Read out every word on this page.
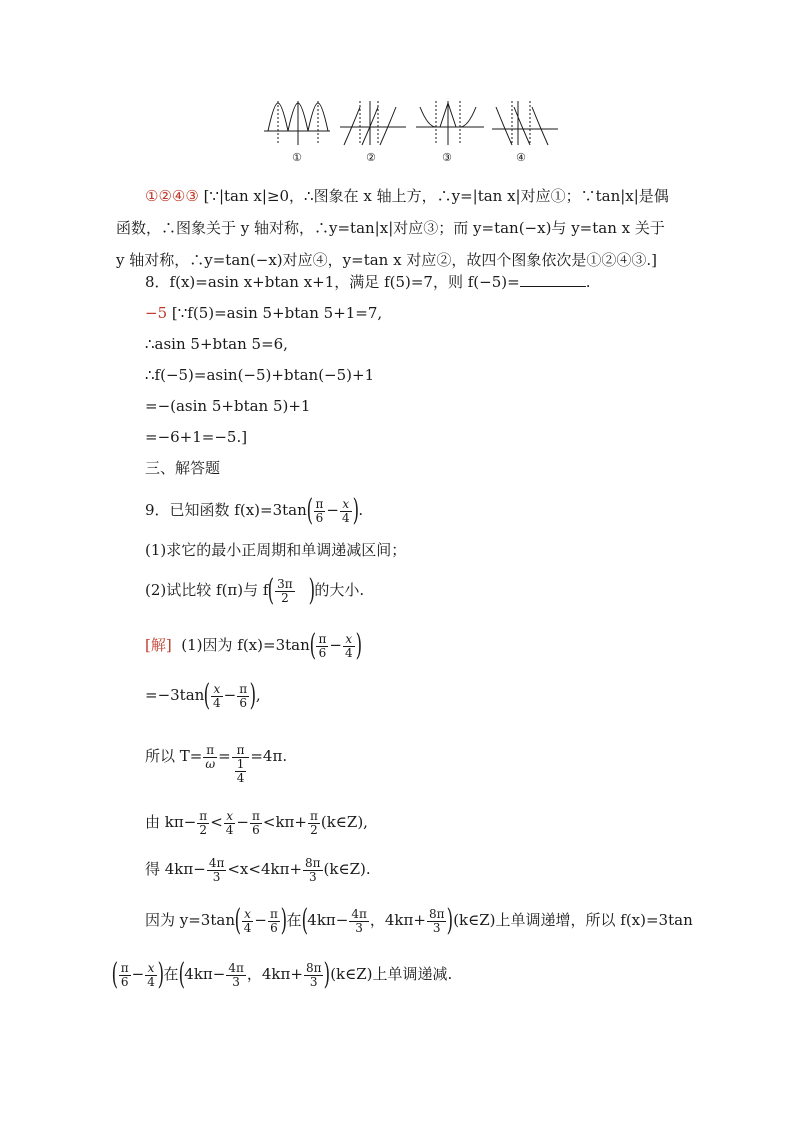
①	②	③	④
①②④③ [∵|tan x|≥0，∴图象在 x 轴上方，∴y=|tan x|对应①；∵tan|x|是偶函数，∴图象关于 y 轴对称，∴y=tan|x|对应③；而 y=tan(−x)与 y=tan x 关于 y 轴对称，∴y=tan(−x)对应④，y=tan x 对应②，故四个图象依次是①②④③.]
8．f(x)=asin x+btan x+1，满足 f(5)=7，则 f(−5)=	.
−5 [∵f(5)=asin 5+btan 5+1=7,
∴asin 5+btan 5=6,
∴f(−5)=asin(−5)+btan(−5)+1
=−(asin 5+btan 5)+1
=−6+1=−5.]
三、解答题
9．已知函数 $f(x)=3\tan( \frac{\pi}{6} - \frac{x}{4}$ ).
(1)求它的最小正周期和单调递减区间；
(2)试比较 f(π)与 $f( \frac{3\pi}{2}$ )的大小.
[解] (1)因为 $f(x)=3\tan( \frac{\pi}{6} - \frac{x}{4}$ )
$=-3\tan( \frac{x}{4} - \frac{\pi}{6}$ ),
所以 $T= \frac{\pi}{\omega} = \frac{\pi}{\frac{1}{4}} =4\pi$.
由 $k\pi- \frac{\pi}{2} < \frac{x}{4} - \frac{\pi}{6} <k\pi+ \frac{\pi}{2}$ (k∈Z),
得 $4k\pi- \frac{4\pi}{3} <x<4k\pi+ \frac{8\pi}{3}$ (k∈Z).
因为 $y=3\tan( \frac{x}{4} - \frac{\pi}{6}$ )在($4k\pi- \frac{4\pi}{3}$ ，$4k\pi+ \frac{8\pi}{3}$ )(k∈Z)上单调递增，所以 f(x)=3tan
( $\frac{\pi}{6} - \frac{x}{4}$ )在($4k\pi- \frac{4\pi}{3}$ ，$4k\pi+ \frac{8\pi}{3}$ )(k∈Z)上单调递减.
